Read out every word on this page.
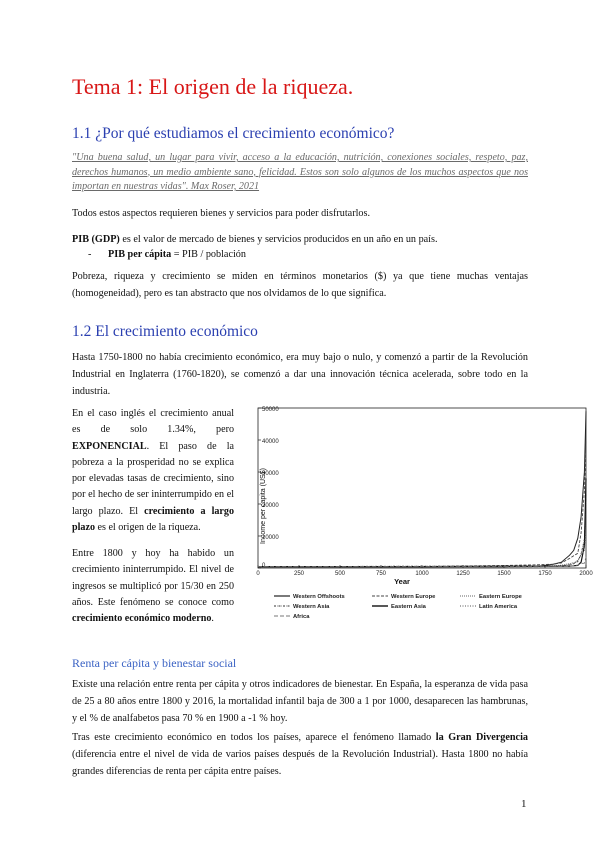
Tema 1: El origen de la riqueza.
1.1 ¿Por qué estudiamos el crecimiento económico?
"Una buena salud, un lugar para vivir, acceso a la educación, nutrición, conexiones sociales, respeto, paz, derechos humanos, un medio ambiente sano, felicidad. Estos son solo algunos de los muchos aspectos que nos importan en nuestras vidas". Max Roser, 2021
Todos estos aspectos requieren bienes y servicios para poder disfrutarlos.
PIB (GDP) es el valor de mercado de bienes y servicios producidos en un año en un país.
- PIB per cápita = PIB / población
Pobreza, riqueza y crecimiento se miden en términos monetarios ($) ya que tiene muchas ventajas (homogeneidad), pero es tan abstracto que nos olvidamos de lo que significa.
1.2 El crecimiento económico
Hasta 1750-1800 no había crecimiento económico, era muy bajo o nulo, y comenzó a partir de la Revolución Industrial en Inglaterra (1760-1820), se comenzó a dar una innovación técnica acelerada, sobre todo en la industria.
En el caso inglés el crecimiento anual es de solo 1.34%, pero EXPONENCIAL. El paso de la pobreza a la prosperidad no se explica por elevadas tasas de crecimiento, sino por el hecho de ser ininterrumpido en el largo plazo. El crecimiento a largo plazo es el origen de la riqueza.
Entre 1800 y hoy ha habido un crecimiento ininterrumpido. El nivel de ingresos se multiplicó por 15/30 en 250 años. Este fenómeno se conoce como crecimiento económico moderno.
Income per capita (US$)
0
10000
20000
30000
40000
50000
0	250	500	750	1000	1250	1500	1750	2000
Year
Western Offshoots	Western Europe	Eastern Europe
Western Asia	Eastern Asia	Latin America
Africa
Renta per cápita y bienestar social
Existe una relación entre renta per cápita y otros indicadores de bienestar. En España, la esperanza de vida pasa de 25 a 80 años entre 1800 y 2016, la mortalidad infantil baja de 300 a 1 por 1000, desaparecen las hambrunas, y el % de analfabetos pasa 70 % en 1900 a -1 % hoy.
Tras este crecimiento económico en todos los países, aparece el fenómeno llamado la Gran Divergencia (diferencia entre el nivel de vida de varios países después de la Revolución Industrial). Hasta 1800 no había grandes diferencias de renta per cápita entre países.
1
